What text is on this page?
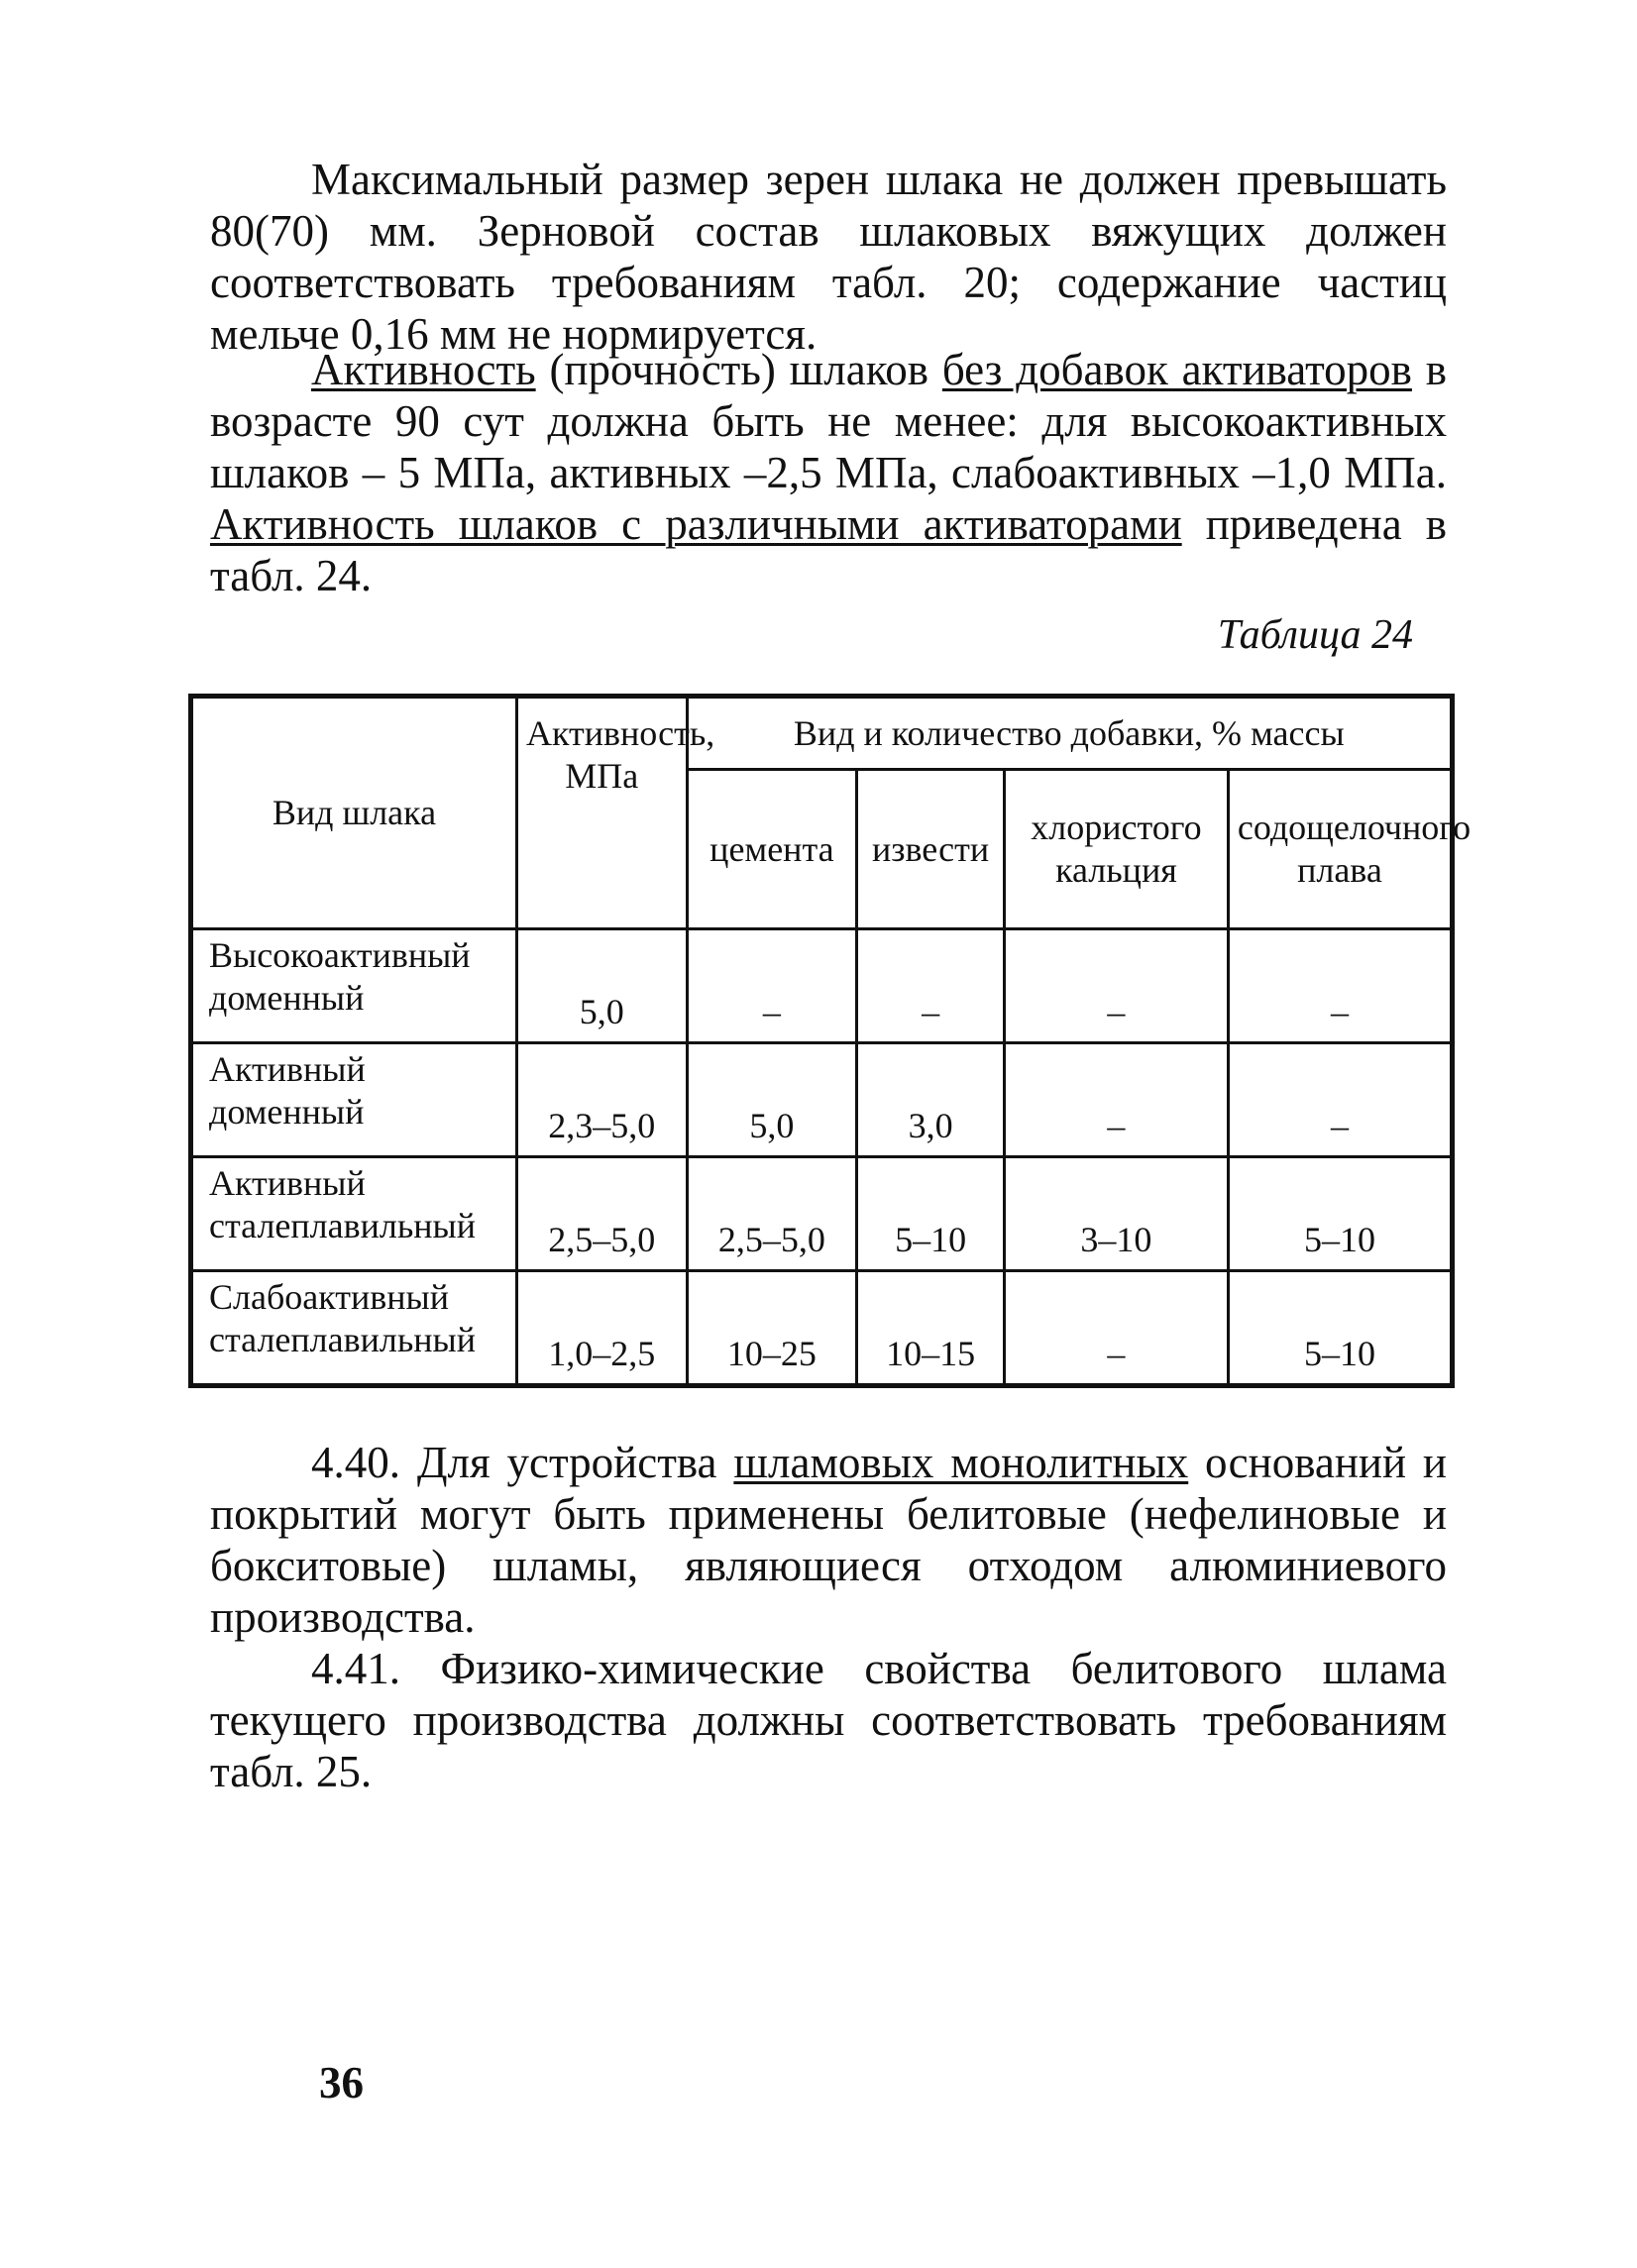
Максимальный размер зерен шлака не должен превышать 80(70) мм. Зерновой состав шлаковых вяжущих должен соответствовать требованиям табл. 20; содержание частиц мельче 0,16 мм не нормируется.

Активность (прочность) шлаков без добавок активаторов в возрасте 90 сут должна быть не менее: для высокоактивных шлаков – 5 МПа, активных –2,5 МПа, слабоактивных –1,0 МПа. Активность шлаков с различными активаторами приведена в табл. 24.

Таблица 24
Вид шлака	Активность, МПа	Вид и количество добавки, % массы			
		цемента	извести	хлористого кальция	содощелочного плава
Высокоактивный доменный	5,0	–	–	–	–
Активный доменный	2,3–5,0	5,0	3,0	–	–
Активный сталеплавильный	2,5–5,0	2,5–5,0	5–10	3–10	5–10
Слабоактивный сталеплавильный	1,0–2,5	10–25	10–15	–	5–10

4.40. Для устройства шламовых монолитных оснований и покрытий могут быть применены белитовые (нефелиновые и бокситовые) шламы, являющиеся отходом алюминиевого производства.

4.41. Физико-химические свойства белитового шлама текущего производства должны соответствовать требованиям табл. 25.

36
